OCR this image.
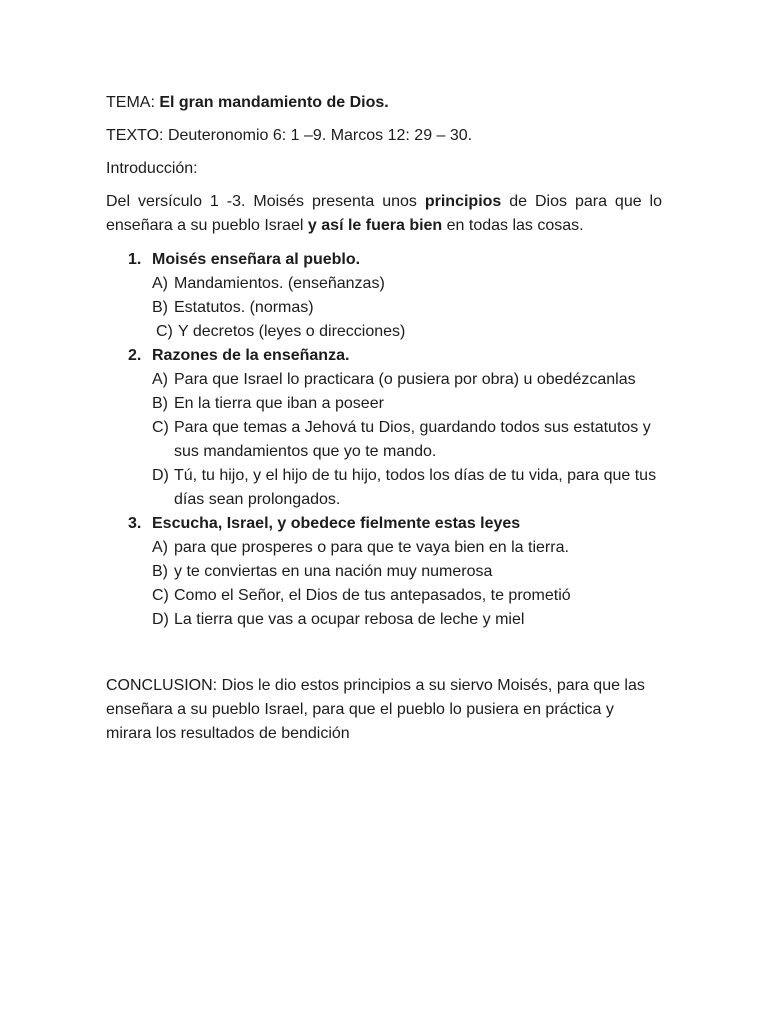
TEMA: El gran mandamiento de Dios.

TEXTO: Deuteronomio 6: 1 –9. Marcos 12: 29 – 30.

Introducción:

Del versículo 1 -3. Moisés presenta unos principios de Dios para que lo enseñara a su pueblo Israel y así le fuera bien en todas las cosas.

1. Moisés enseñara al pueblo.
A) Mandamientos. (enseñanzas)
B) Estatutos. (normas)
C) Y decretos (leyes o direcciones)
2. Razones de la enseñanza.
A) Para que Israel lo practicara (o pusiera por obra) u obedézcanlas
B) En la tierra que iban a poseer
C) Para que temas a Jehová tu Dios, guardando todos sus estatutos y sus mandamientos que yo te mando.
D) Tú, tu hijo, y el hijo de tu hijo, todos los días de tu vida, para que tus días sean prolongados.
3. Escucha, Israel, y obedece fielmente estas leyes
A) para que prosperes o para que te vaya bien en la tierra.
B) y te conviertas en una nación muy numerosa
C) Como el Señor, el Dios de tus antepasados, te prometió
D) La tierra que vas a ocupar rebosa de leche y miel

CONCLUSION: Dios le dio estos principios a su siervo Moisés, para que las enseñara a su pueblo Israel, para que el pueblo lo pusiera en práctica y mirara los resultados de bendición
